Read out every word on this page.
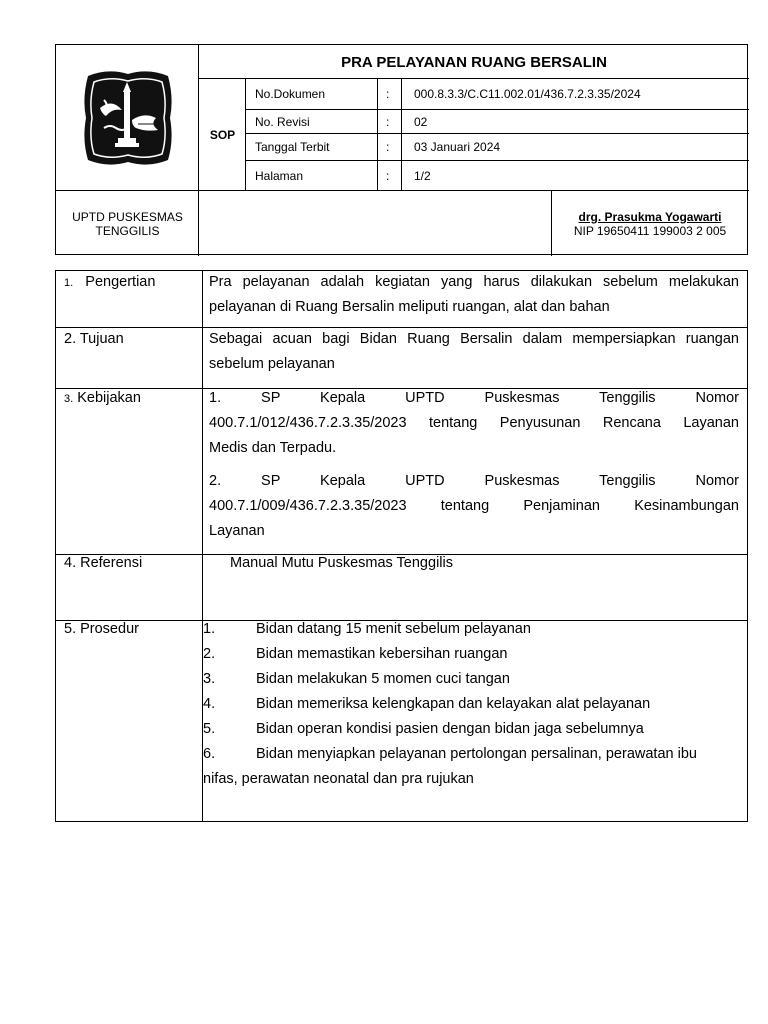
PRA PELAYANAN RUANG BERSALIN
SOP
No.Dokumen	: 000.8.3.3/C.C11.002.01/436.7.2.3.35/2024
No. Revisi	: 02
Tanggal Terbit	: 03 Januari 2024
Halaman	: 1/2
UPTD PUSKESMAS
TENGGILIS
drg. Prasukma Yogawarti
NIP 19650411 199003 2 005
1. Pengertian	Pra pelayanan adalah kegiatan yang harus dilakukan sebelum melakukan

pelayanan di Ruang Bersalin meliputi ruangan, alat dan bahan

2. Tujuan	Sebagai acuan bagi Bidan Ruang Bersalin dalam mempersiapkan ruangan

sebelum pelayanan

3. Kebijakan	1.    SP    Kepala    UPTD    Puskesmas    Tenggilis    Nomor

400.7.1/012/436.7.2.3.35/2023 tentang Penyusunan Rencana Layanan

Medis dan Terpadu.

2.    SP    Kepala    UPTD    Puskesmas    Tenggilis    Nomor

400.7.1/009/436.7.2.3.35/2023 tentang Penjaminan Kesinambungan

Layanan

4. Referensi	Manual Mutu Puskesmas Tenggilis

5. Prosedur	1.	Bidan datang 15 menit sebelum pelayanan
2.	Bidan memastikan kebersihan ruangan
3.	Bidan melakukan 5 momen cuci tangan
4.	Bidan memeriksa kelengkapan dan kelayakan alat pelayanan
5.	Bidan operan kondisi pasien dengan bidan jaga sebelumnya
6.	Bidan menyiapkan pelayanan pertolongan persalinan, perawatan ibu
nifas, perawatan neonatal dan pra rujukan
